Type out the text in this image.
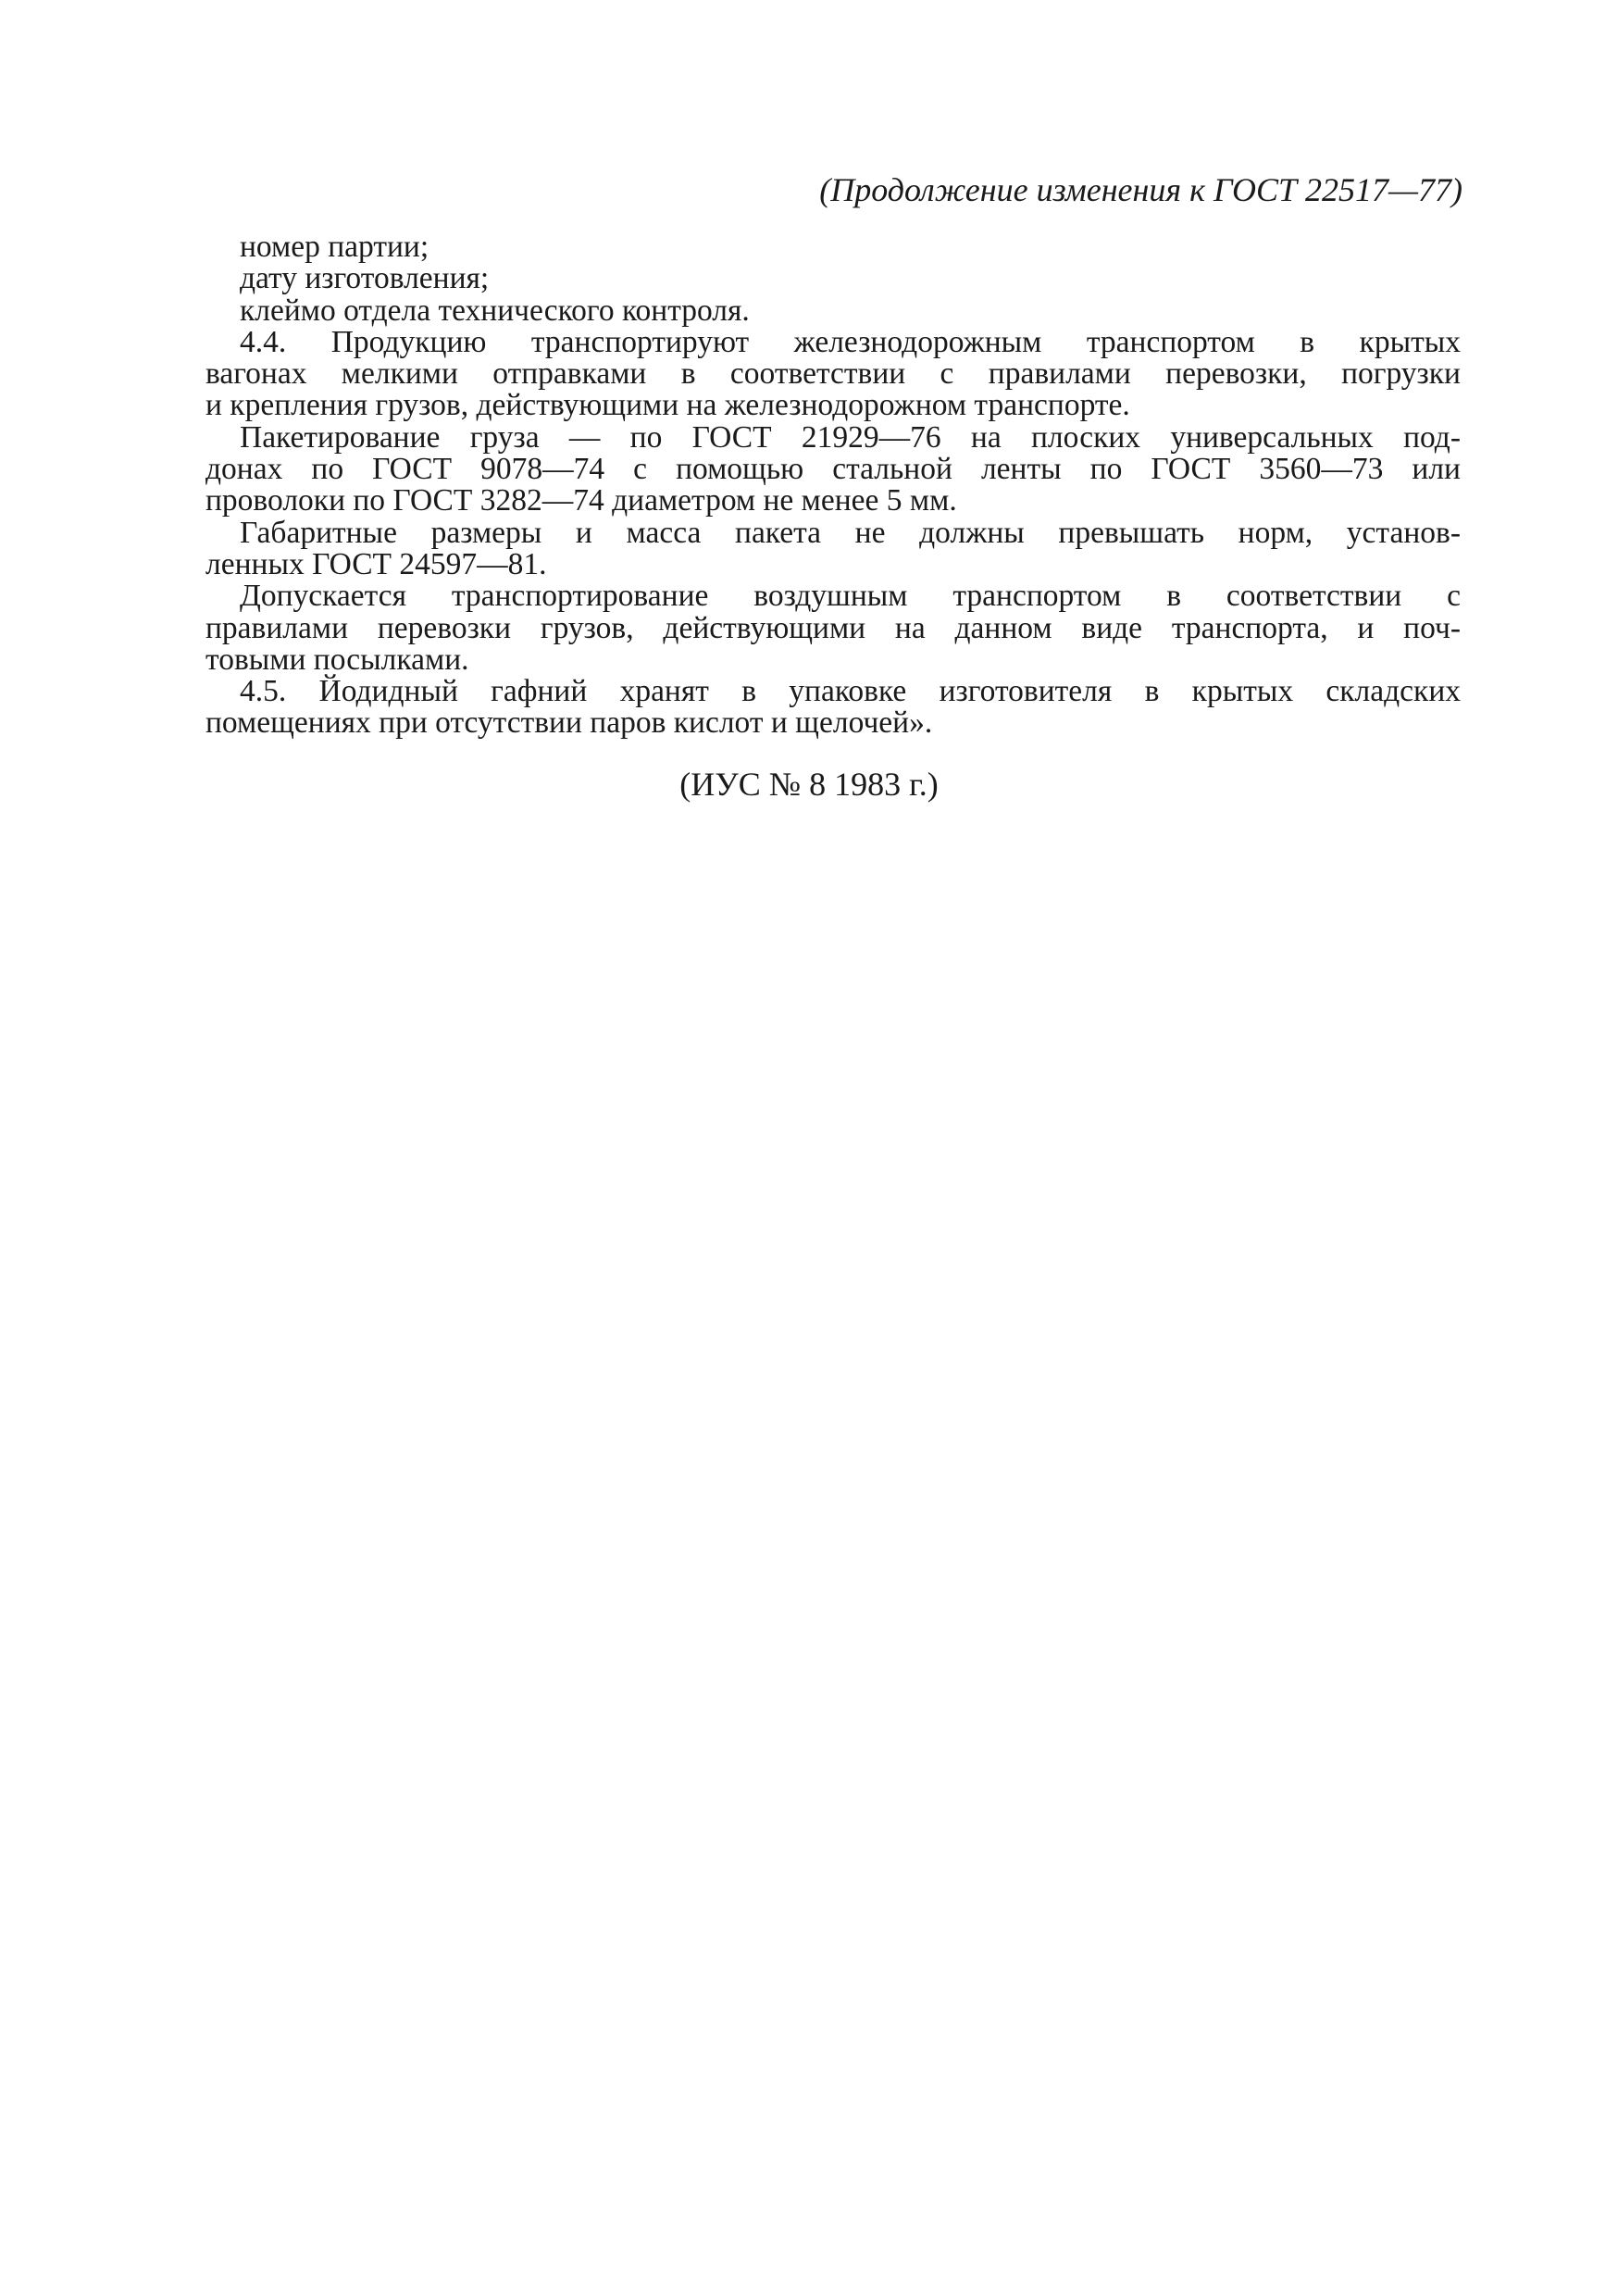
(Продолжение изменения к ГОСТ 22517—77)
номер партии;
дату изготовления;
клеймо отдела технического контроля.
4.4. Продукцию транспортируют железнодорожным транспортом в крытых
вагонах мелкими отправками в соответствии с правилами перевозки, погрузки
и крепления грузов, действующими на железнодорожном транспорте.
Пакетирование груза — по ГОСТ 21929—76 на плоских универсальных под-
донах по ГОСТ 9078—74 с помощью стальной ленты по ГОСТ 3560—73 или
проволоки по ГОСТ 3282—74 диаметром не менее 5 мм.
Габаритные размеры и масса пакета не должны превышать норм, установ-
ленных ГОСТ 24597—81.
Допускается транспортирование воздушным транспортом в соответствии с
правилами перевозки грузов, действующими на данном виде транспорта, и поч-
товыми посылками.
4.5. Йодидный гафний хранят в упаковке изготовителя в крытых складских
помещениях при отсутствии паров кислот и щелочей».
(ИУС № 8 1983 г.)
